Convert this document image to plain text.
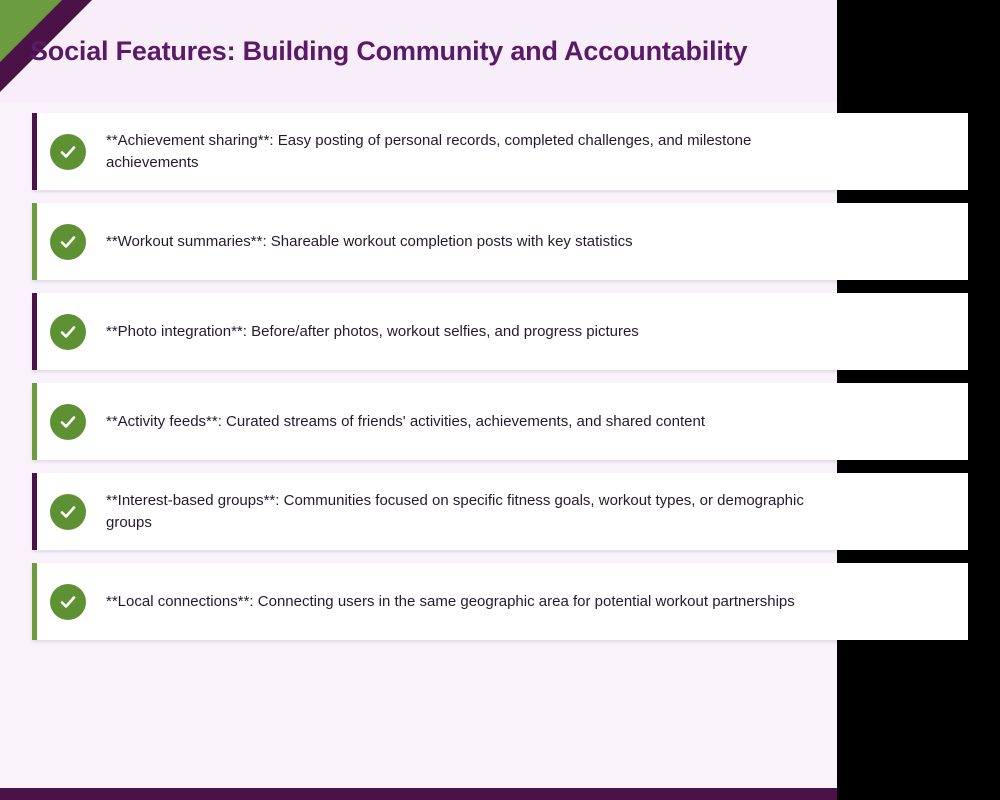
Social Features: Building Community and Accountability
**Achievement sharing**: Easy posting of personal records, completed challenges, and milestone achievements
**Workout summaries**: Shareable workout completion posts with key statistics
**Photo integration**: Before/after photos, workout selfies, and progress pictures
**Activity feeds**: Curated streams of friends' activities, achievements, and shared content
**Interest-based groups**: Communities focused on specific fitness goals, workout types, or demographic groups
**Local connections**: Connecting users in the same geographic area for potential workout partnerships
